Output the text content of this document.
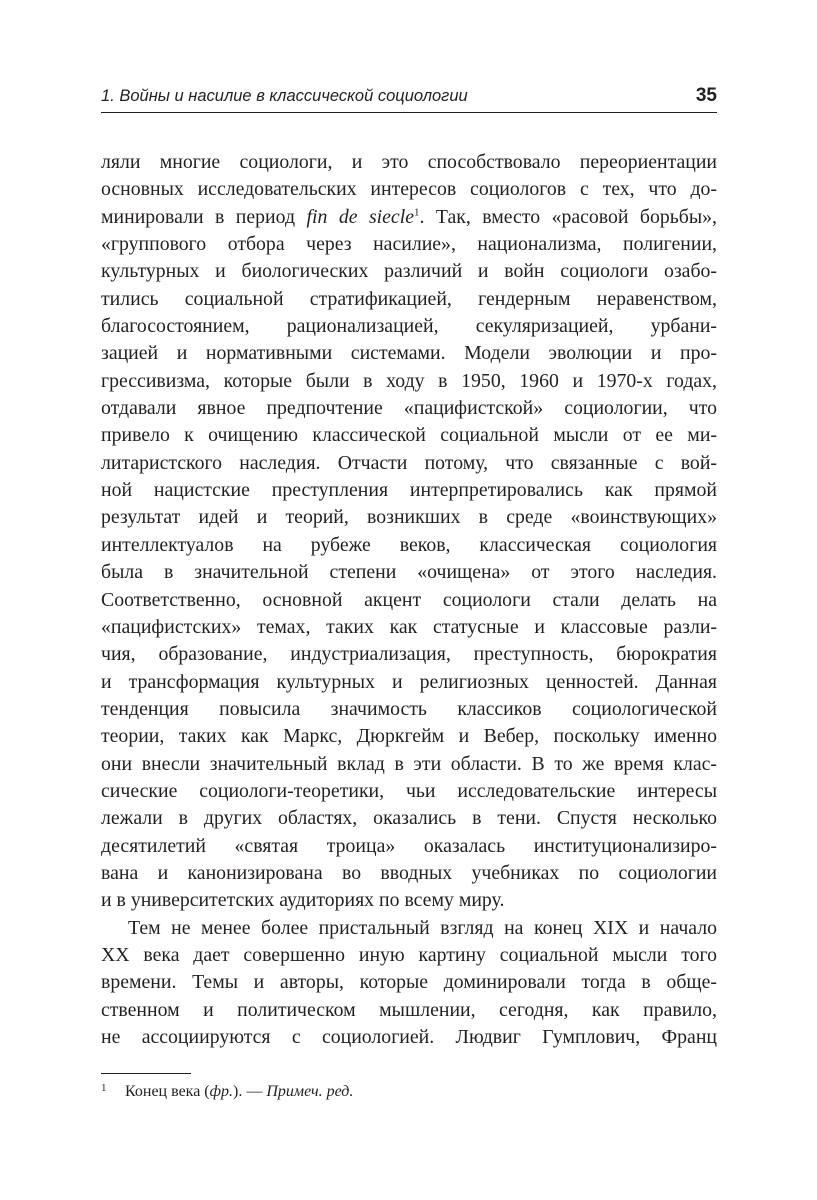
1. Войны и насилие в классической социологии	35
ляли многие социологи, и это способствовало переориентации
основных исследовательских интересов социологов с тех, что до-
минировали в период fin de siecle$^1$. Так, вместо «расовой борьбы»,
«группового отбора через насилие», национализма, полигении,
культурных и биологических различий и войн социологи озабо-
тились социальной стратификацией, гендерным неравенством,
благосостоянием, рационализацией, секуляризацией, урбани-
зацией и нормативными системами. Модели эволюции и про-
грессивизма, которые были в ходу в 1950, 1960 и 1970-х годах,
отдавали явное предпочтение «пацифистской» социологии, что
привело к очищению классической социальной мысли от ее ми-
литаристского наследия. Отчасти потому, что связанные с вой-
ной нацистские преступления интерпретировались как прямой
результат идей и теорий, возникших в среде «воинствующих»
интеллектуалов на рубеже веков, классическая социология
была в значительной степени «очищена» от этого наследия.
Соответственно, основной акцент социологи стали делать на
«пацифистских» темах, таких как статусные и классовые разли-
чия, образование, индустриализация, преступность, бюрократия
и трансформация культурных и религиозных ценностей. Данная
тенденция повысила значимость классиков социологической
теории, таких как Маркс, Дюркгейм и Вебер, поскольку именно
они внесли значительный вклад в эти области. В то же время клас-
сические социологи-теоретики, чьи исследовательские интересы
лежали в других областях, оказались в тени. Спустя несколько
десятилетий «святая троица» оказалась институционализиро-
вана и канонизирована во вводных учебниках по социологии
и в университетских аудиториях по всему миру.
Тем не менее более пристальный взгляд на конец XIX и начало
XX века дает совершенно иную картину социальной мысли того
времени. Темы и авторы, которые доминировали тогда в обще-
ственном и политическом мышлении, сегодня, как правило,
не ассоциируются с социологией. Людвиг Гумплович, Франц
1 Конец века (фр.). — Примеч. ред.
